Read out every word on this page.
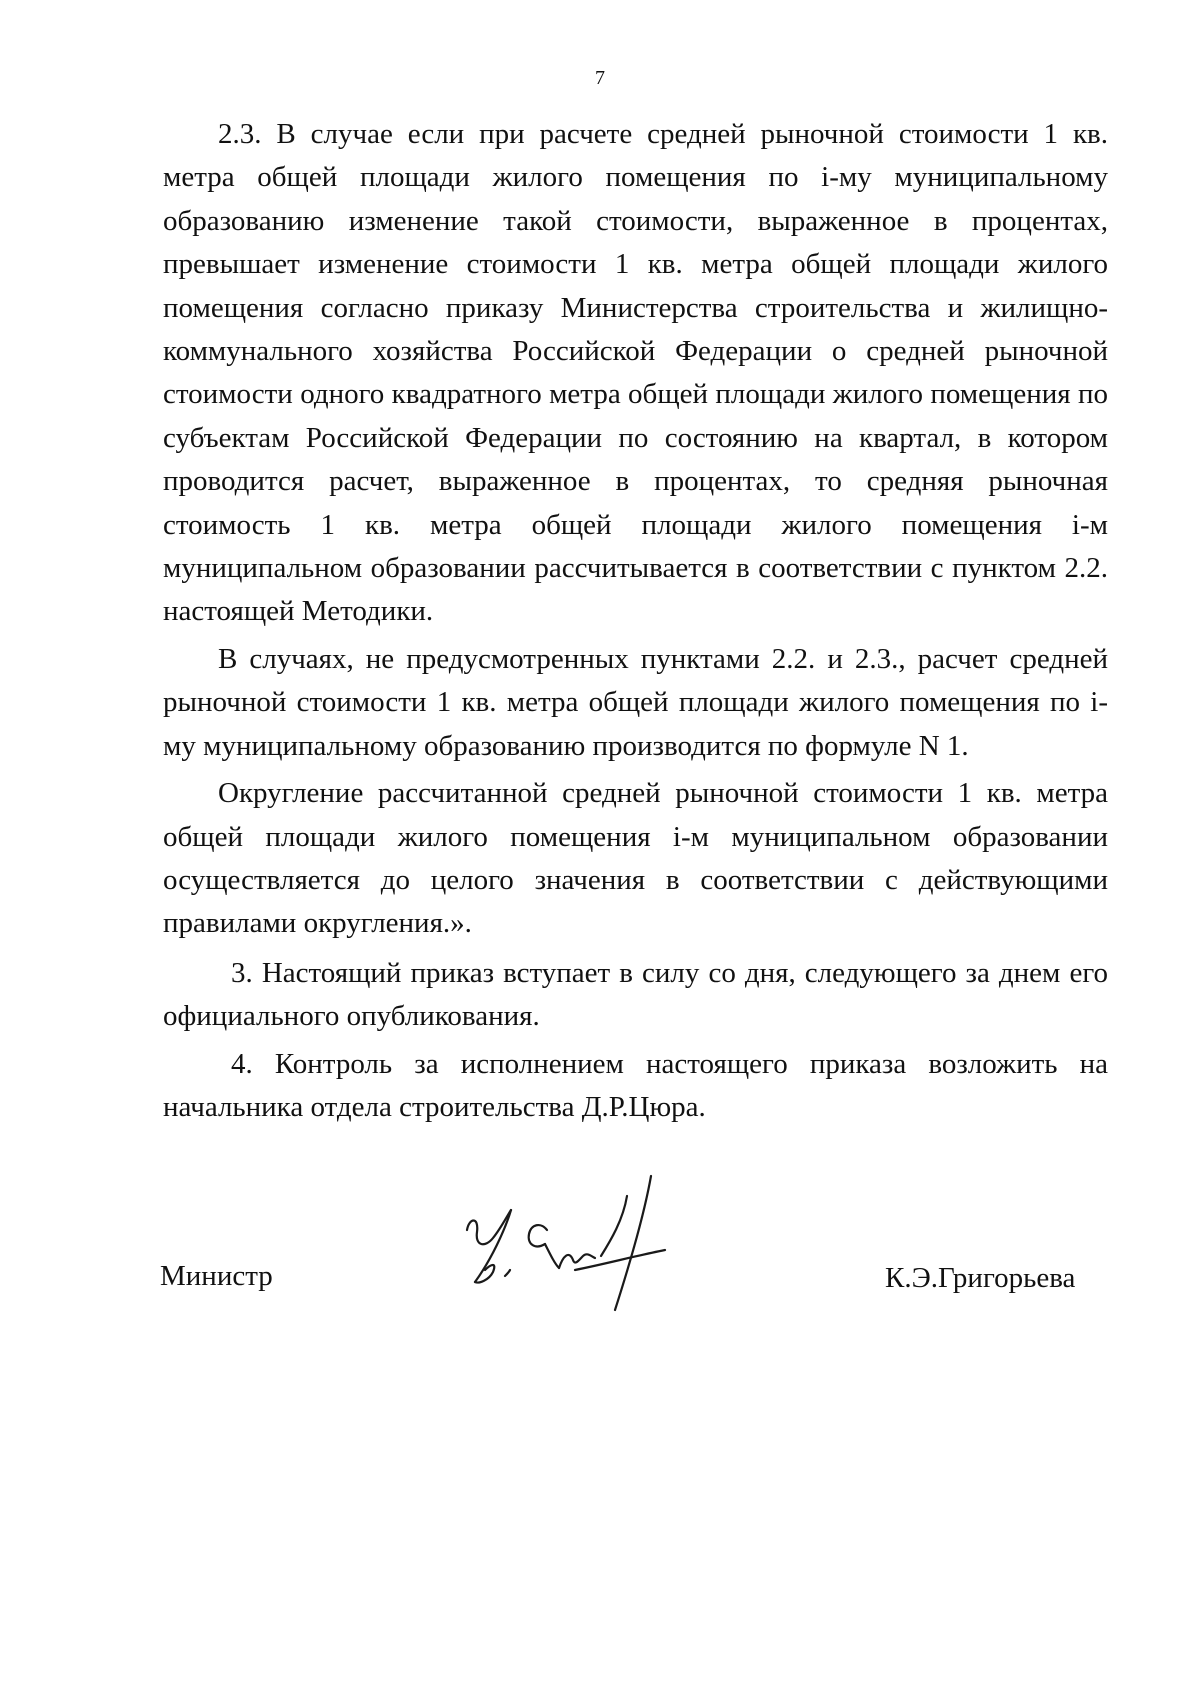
7

2.3. В случае если при расчете средней рыночной стоимости 1 кв. метра общей площади жилого помещения по i-му муниципальному образованию изменение такой стоимости, выраженное в процентах, превышает изменение стоимости 1 кв. метра общей площади жилого помещения согласно приказу Министерства строительства и жилищно-коммунального хозяйства Российской Федерации о средней рыночной стоимости одного квадратного метра общей площади жилого помещения по субъектам Российской Федерации по состоянию на квартал, в котором проводится расчет, выраженное в процентах, то средняя рыночная стоимость 1 кв. метра общей площади жилого помещения i-м муниципальном образовании рассчитывается в соответствии с пунктом 2.2. настоящей Методики.

В случаях, не предусмотренных пунктами 2.2. и 2.3., расчет средней рыночной стоимости 1 кв. метра общей площади жилого помещения по i-му муниципальному образованию производится по формуле N 1.

Округление рассчитанной средней рыночной стоимости 1 кв. метра общей площади жилого помещения i-м муниципальном образовании осуществляется до целого значения в соответствии с действующими правилами округления.».

3. Настоящий приказ вступает в силу со дня, следующего за днем его официального опубликования.

4. Контроль за исполнением настоящего приказа возложить на начальника отдела строительства Д.Р.Цюра.

Министр	К.Э.Григорьева
